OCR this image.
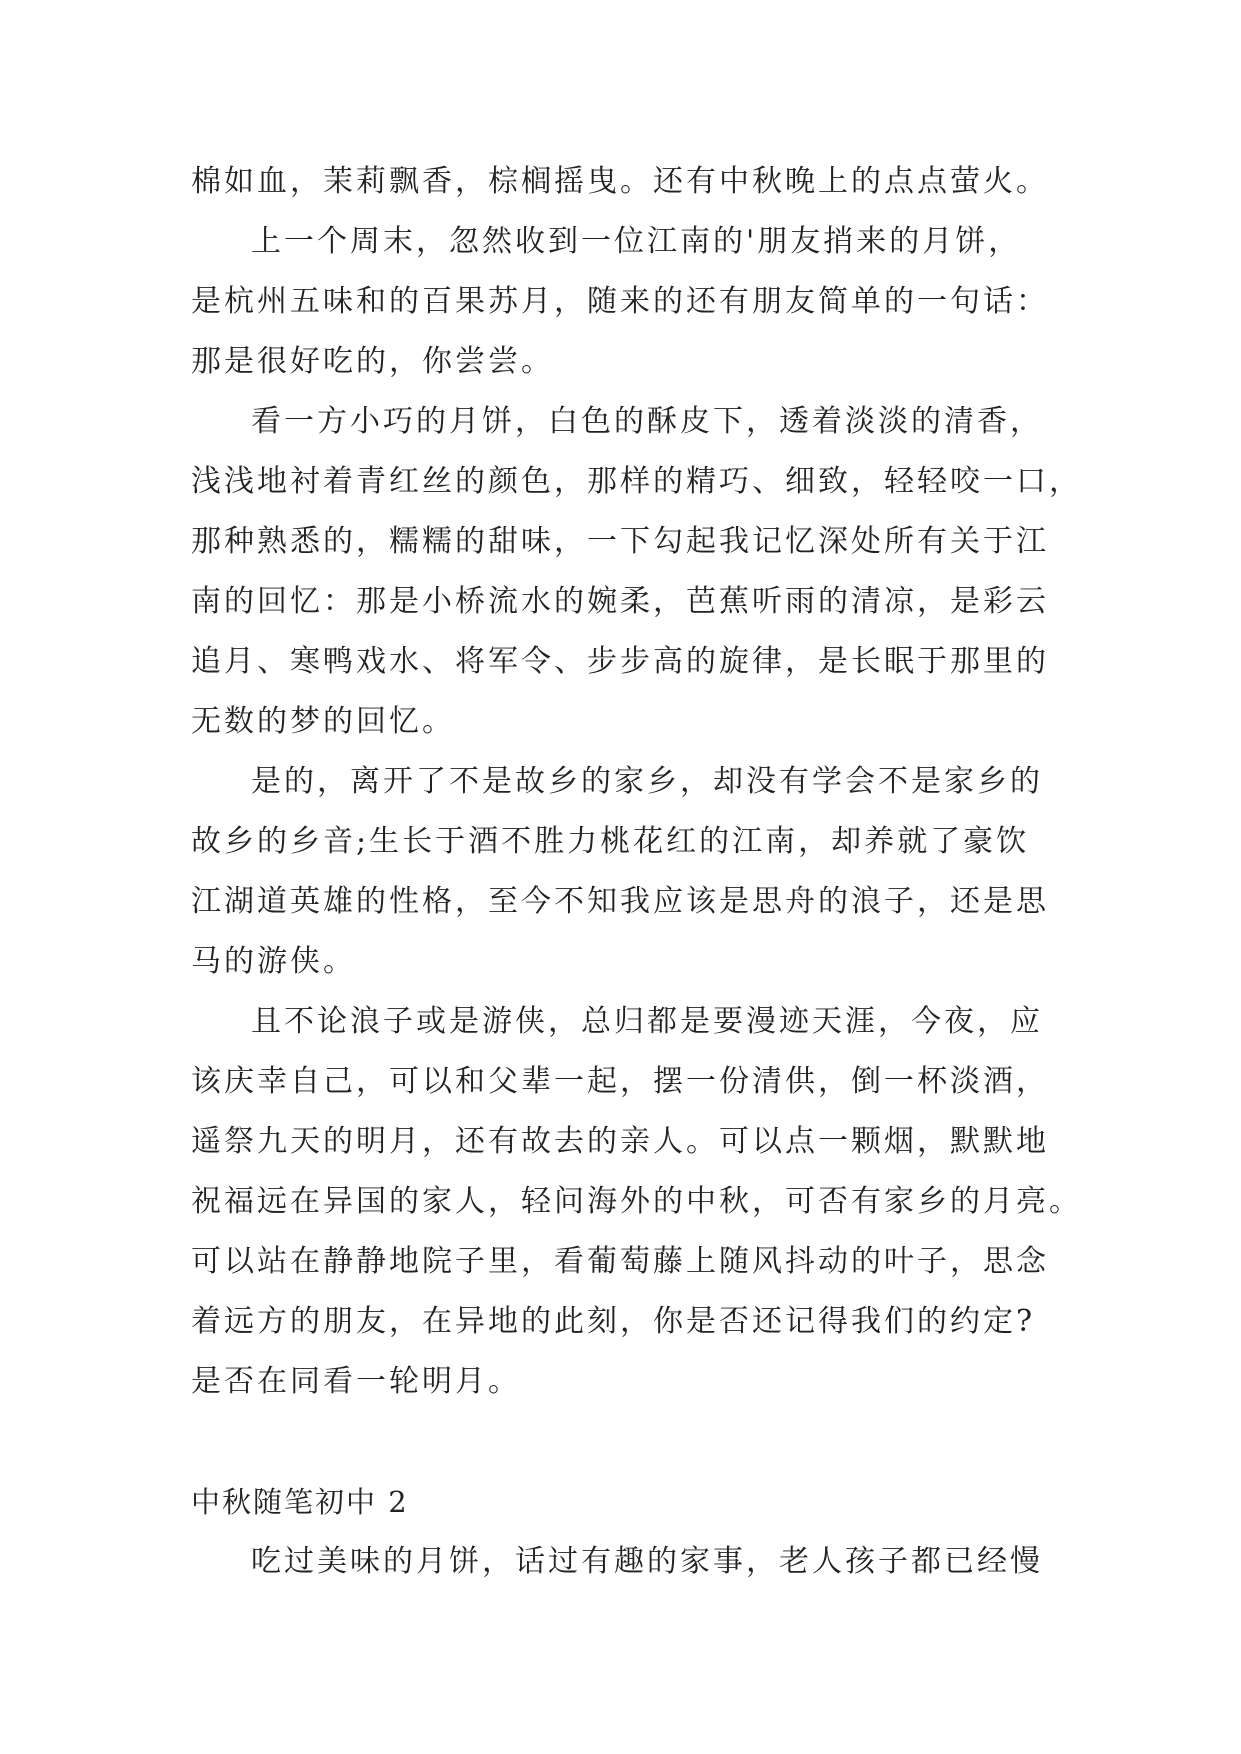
棉如血，茉莉飘香，棕榈摇曳。还有中秋晚上的点点萤火。
上一个周末，忽然收到一位江南的'朋友捎来的月饼，
是杭州五味和的百果苏月，随来的还有朋友简单的一句话：
那是很好吃的，你尝尝。
看一方小巧的月饼，白色的酥皮下，透着淡淡的清香，
浅浅地衬着青红丝的颜色，那样的精巧、细致，轻轻咬一口，
那种熟悉的，糯糯的甜味，一下勾起我记忆深处所有关于江
南的回忆：那是小桥流水的婉柔，芭蕉听雨的清凉，是彩云
追月、寒鸭戏水、将军令、步步高的旋律，是长眠于那里的
无数的梦的回忆。
是的，离开了不是故乡的家乡，却没有学会不是家乡的
故乡的乡音;生长于酒不胜力桃花红的江南，却养就了豪饮
江湖道英雄的性格，至今不知我应该是思舟的浪子，还是思
马的游侠。
且不论浪子或是游侠，总归都是要漫迹天涯，今夜，应
该庆幸自己，可以和父辈一起，摆一份清供，倒一杯淡酒，
遥祭九天的明月，还有故去的亲人。可以点一颗烟，默默地
祝福远在异国的家人，轻问海外的中秋，可否有家乡的月亮。
可以站在静静地院子里，看葡萄藤上随风抖动的叶子，思念
着远方的朋友，在异地的此刻，你是否还记得我们的约定?
是否在同看一轮明月。
中秋随笔初中 2
吃过美味的月饼，话过有趣的家事，老人孩子都已经慢
